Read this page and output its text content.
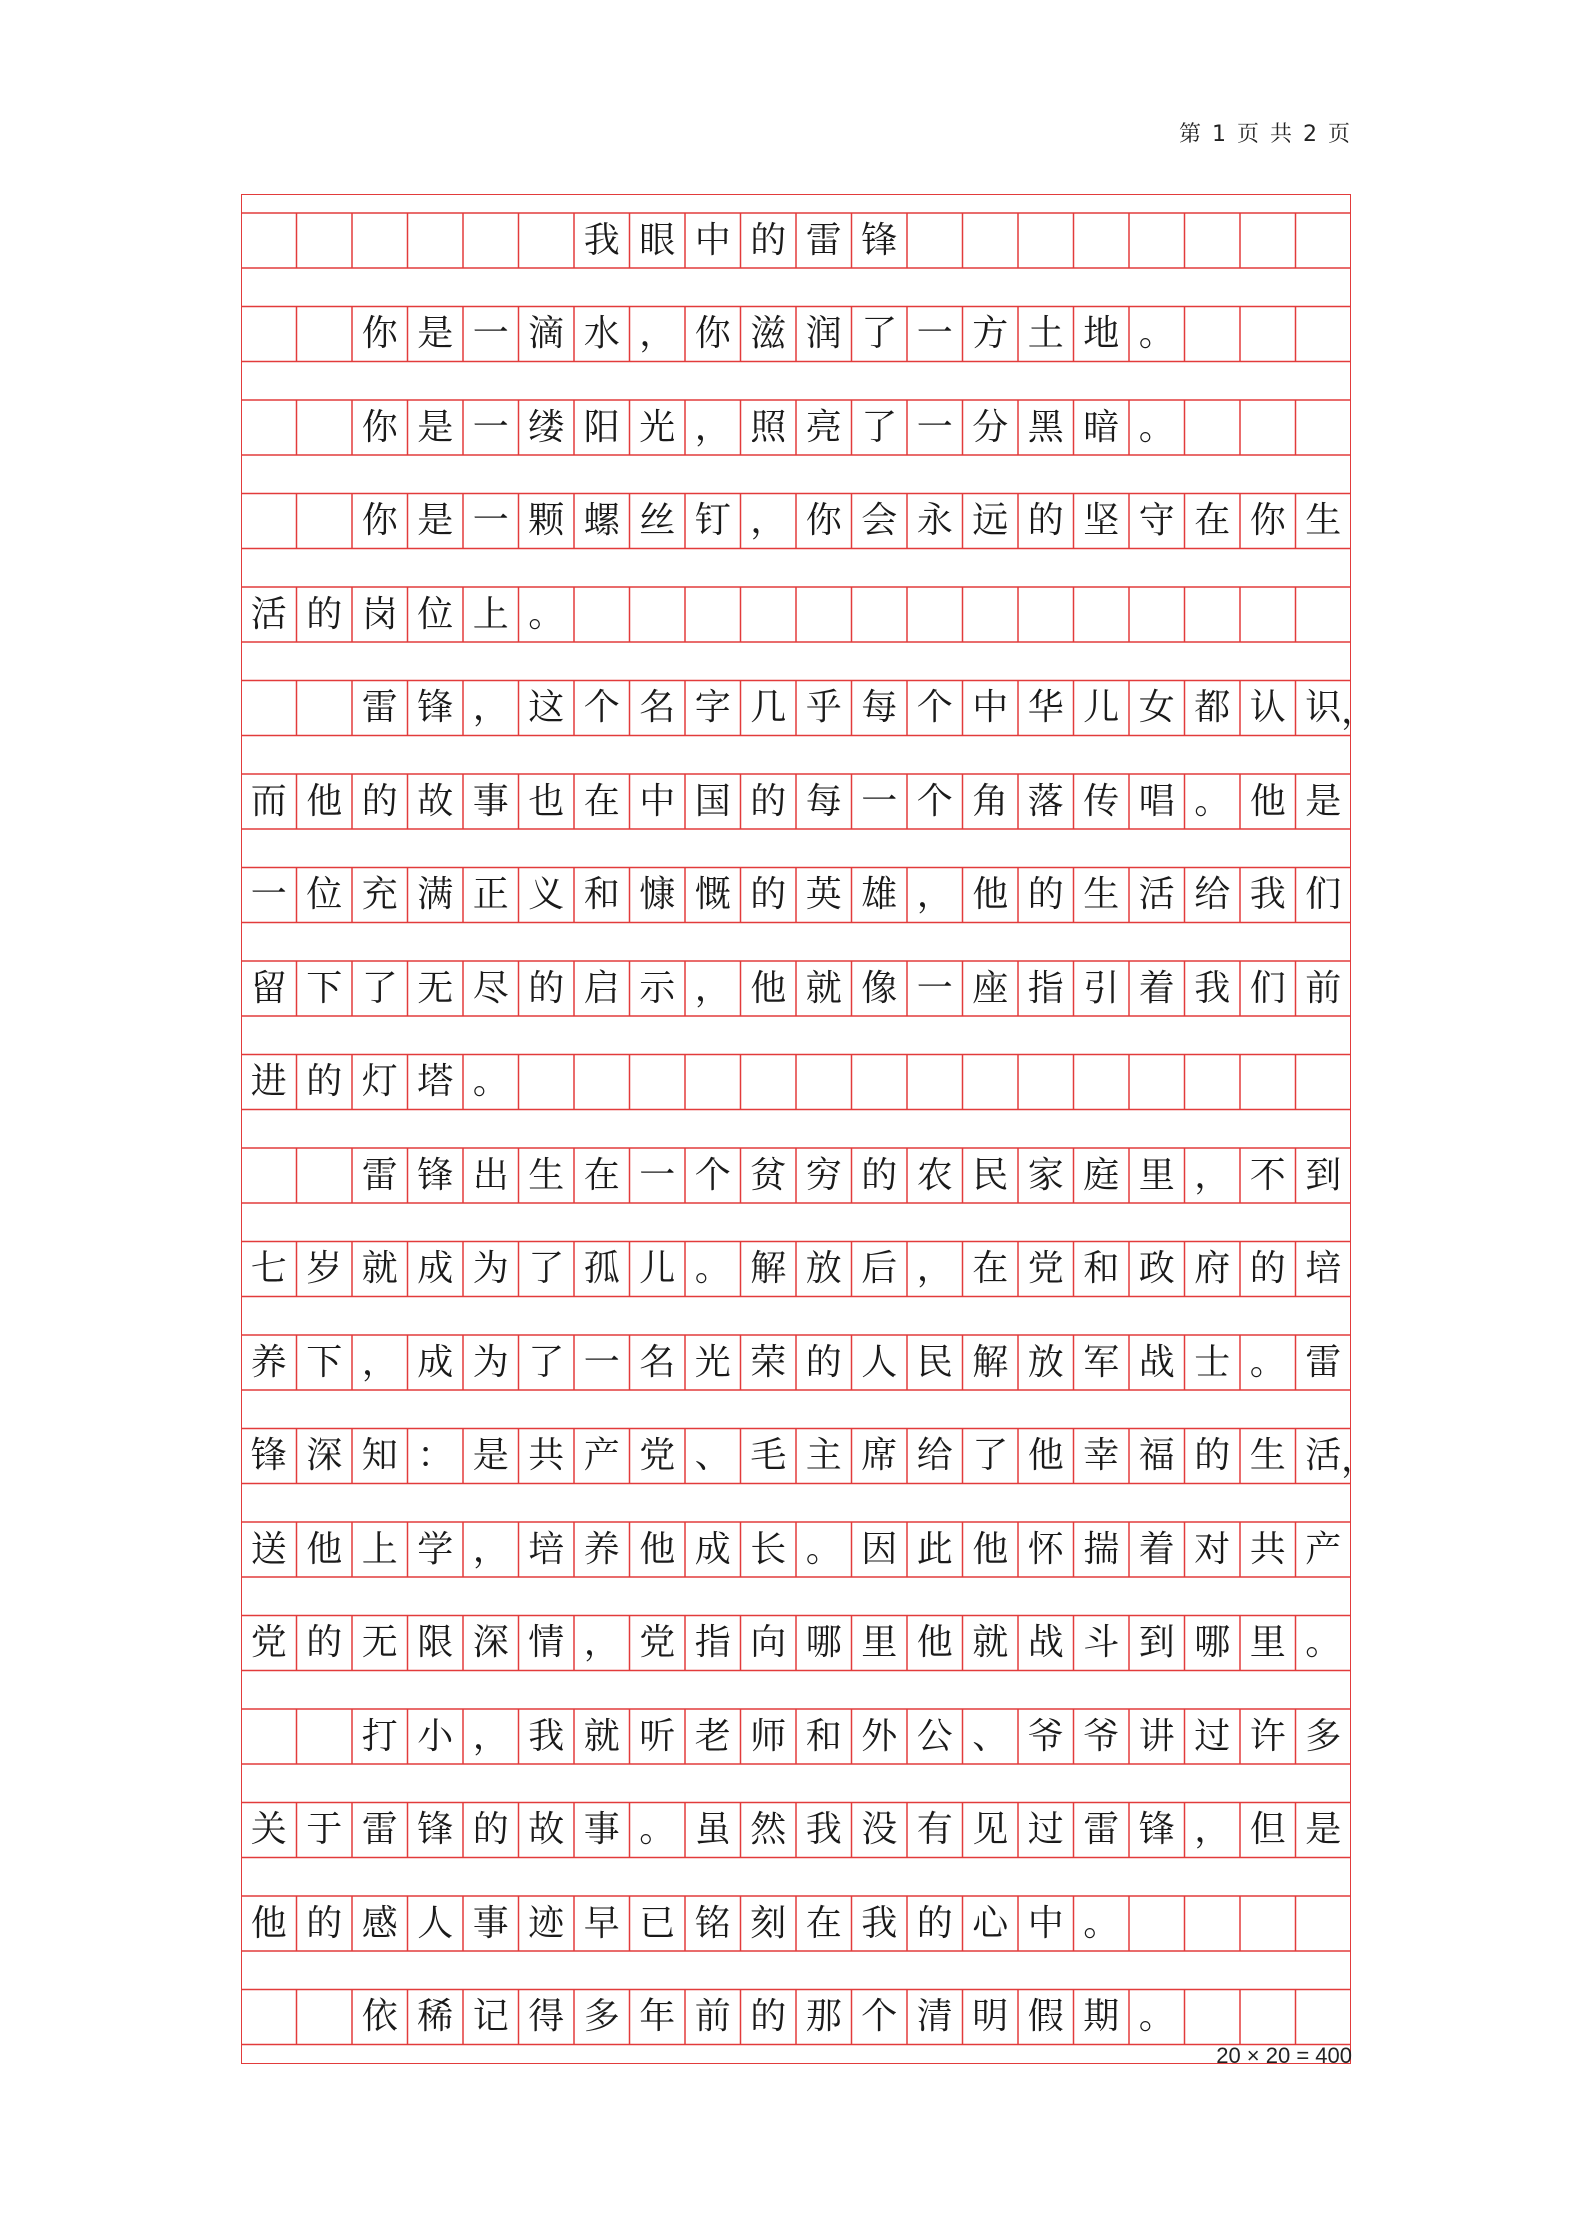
第 1 页 共 2 页
我 眼 中 的 雷 锋
你 是 一 滴 水 ， 你 滋 润 了 一 方 土 地 。
你 是 一 缕 阳 光 ， 照 亮 了 一 分 黑 暗 。
你 是 一 颗 螺 丝 钉 ， 你 会 永 远 的 坚 守 在 你 生
活 的 岗 位 上 。
雷 锋 ， 这 个 名 字 几 乎 每 个 中 华 儿 女 都 认 识 ，
而 他 的 故 事 也 在 中 国 的 每 一 个 角 落 传 唱 。 他 是
一 位 充 满 正 义 和 慷 慨 的 英 雄 ， 他 的 生 活 给 我 们
留 下 了 无 尽 的 启 示 ， 他 就 像 一 座 指 引 着 我 们 前
进 的 灯 塔 。
雷 锋 出 生 在 一 个 贫 穷 的 农 民 家 庭 里 ， 不 到
七 岁 就 成 为 了 孤 儿 。 解 放 后 ， 在 党 和 政 府 的 培
养 下 ， 成 为 了 一 名 光 荣 的 人 民 解 放 军 战 士 。 雷
锋 深 知 ： 是 共 产 党 、 毛 主 席 给 了 他 幸 福 的 生 活 ，
送 他 上 学 ， 培 养 他 成 长 。 因 此 他 怀 揣 着 对 共 产
党 的 无 限 深 情 ， 党 指 向 哪 里 他 就 战 斗 到 哪 里 。
打 小 ， 我 就 听 老 师 和 外 公 、 爷 爷 讲 过 许 多
关 于 雷 锋 的 故 事 。 虽 然 我 没 有 见 过 雷 锋 ， 但 是
他 的 感 人 事 迹 早 已 铭 刻 在 我 的 心 中 。
依 稀 记 得 多 年 前 的 那 个 清 明 假 期 。
20 × 20 = 400
